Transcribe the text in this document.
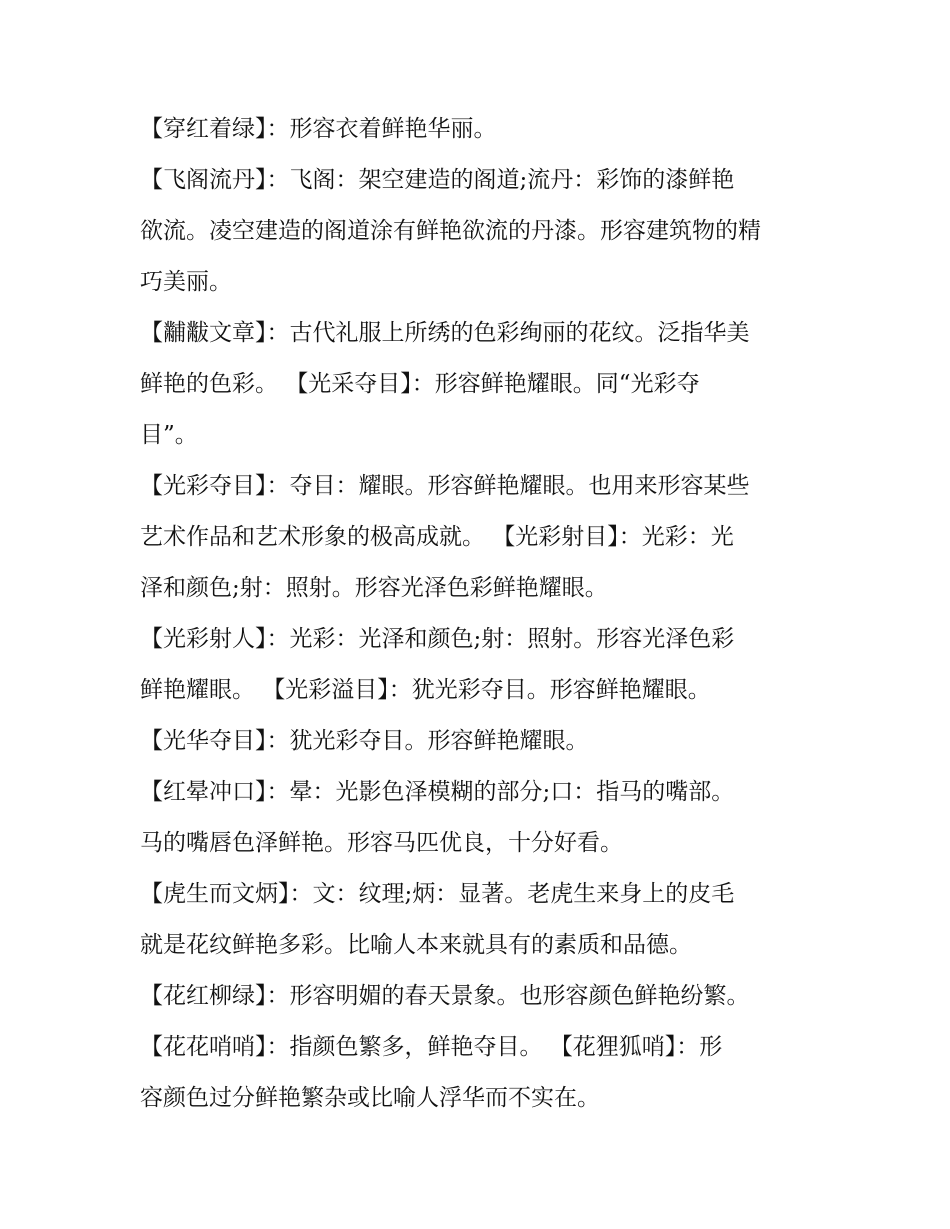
【穿红着绿】：形容衣着鲜艳华丽。
【飞阁流丹】：飞阁：架空建造的阁道;流丹：彩饰的漆鲜艳
欲流。凌空建造的阁道涂有鲜艳欲流的丹漆。形容建筑物的精
巧美丽。
【黼黻文章】：古代礼服上所绣的色彩绚丽的花纹。泛指华美
鲜艳的色彩。 【光采夺目】：形容鲜艳耀眼。同“光彩夺
目”。
【光彩夺目】：夺目：耀眼。形容鲜艳耀眼。也用来形容某些
艺术作品和艺术形象的极高成就。 【光彩射目】：光彩：光
泽和颜色;射：照射。形容光泽色彩鲜艳耀眼。
【光彩射人】：光彩：光泽和颜色;射：照射。形容光泽色彩
鲜艳耀眼。 【光彩溢目】：犹光彩夺目。形容鲜艳耀眼。
【光华夺目】：犹光彩夺目。形容鲜艳耀眼。
【红晕冲口】：晕：光影色泽模糊的部分;口：指马的嘴部。
马的嘴唇色泽鲜艳。形容马匹优良，十分好看。
【虎生而文炳】：文：纹理;炳：显著。老虎生来身上的皮毛
就是花纹鲜艳多彩。比喻人本来就具有的素质和品德。
【花红柳绿】：形容明媚的春天景象。也形容颜色鲜艳纷繁。
【花花哨哨】：指颜色繁多，鲜艳夺目。 【花狸狐哨】：形
容颜色过分鲜艳繁杂或比喻人浮华而不实在。
